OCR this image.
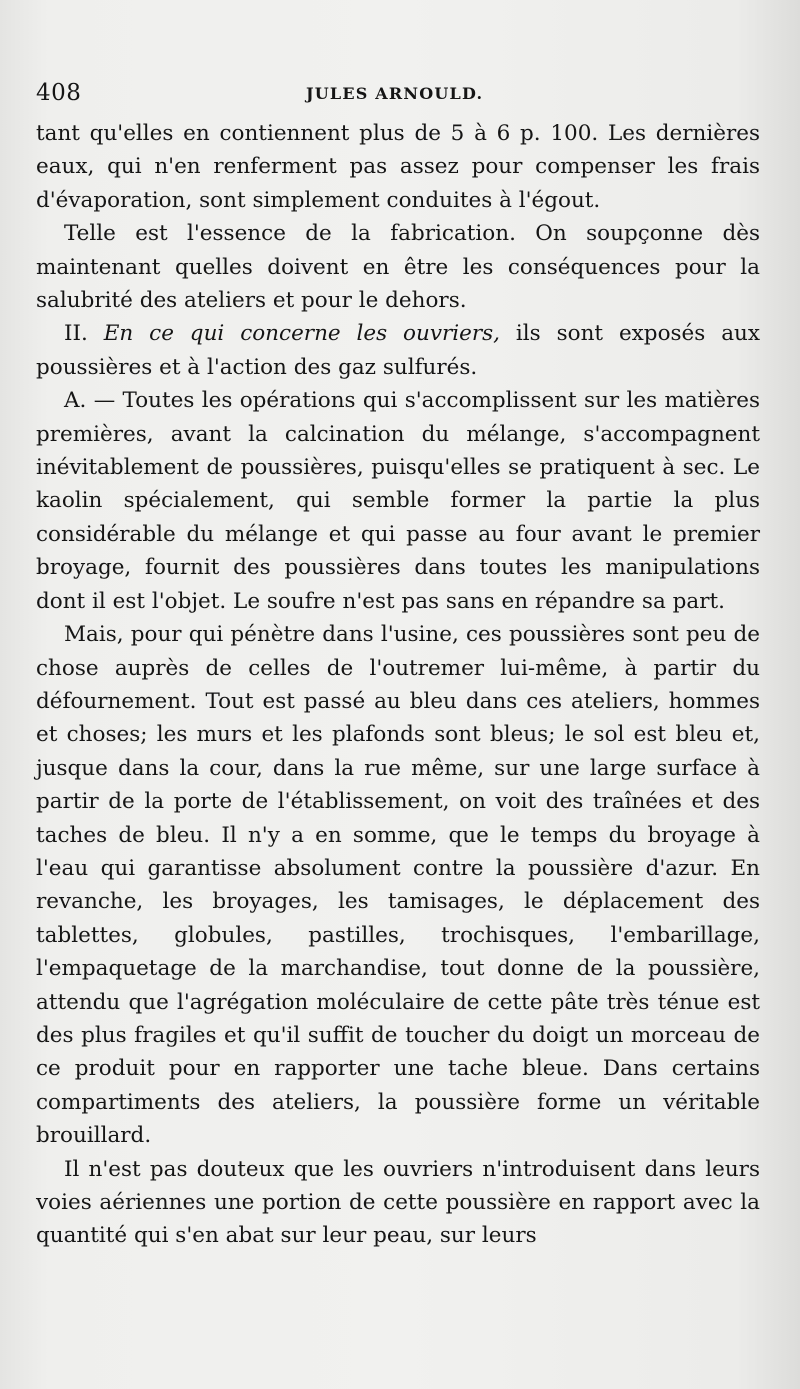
408	JULES ARNOULD.

tant qu'elles en contiennent plus de 5 à 6 p. 100. Les dernières eaux, qui n'en renferment pas assez pour compenser les frais d'évaporation, sont simplement conduites à l'égout.

Telle est l'essence de la fabrication. On soupçonne dès maintenant quelles doivent en être les conséquences pour la salubrité des ateliers et pour le dehors.

II. En ce qui concerne les ouvriers, ils sont exposés aux poussières et à l'action des gaz sulfurés.

A. — Toutes les opérations qui s'accomplissent sur les matières premières, avant la calcination du mélange, s'accompagnent inévitablement de poussières, puisqu'elles se pratiquent à sec. Le kaolin spécialement, qui semble former la partie la plus considérable du mélange et qui passe au four avant le premier broyage, fournit des poussières dans toutes les manipulations dont il est l'objet. Le soufre n'est pas sans en répandre sa part.

Mais, pour qui pénètre dans l'usine, ces poussières sont peu de chose auprès de celles de l'outremer lui-même, à partir du défournement. Tout est passé au bleu dans ces ateliers, hommes et choses; les murs et les plafonds sont bleus; le sol est bleu et, jusque dans la cour, dans la rue même, sur une large surface à partir de la porte de l'établissement, on voit des traînées et des taches de bleu. Il n'y a en somme, que le temps du broyage à l'eau qui garantisse absolument contre la poussière d'azur. En revanche, les broyages, les tamisages, le déplacement des tablettes, globules, pastilles, trochisques, l'embarillage, l'empaquetage de la marchandise, tout donne de la poussière, attendu que l'agrégation moléculaire de cette pâte très ténue est des plus fragiles et qu'il suffit de toucher du doigt un morceau de ce produit pour en rapporter une tache bleue. Dans certains compartiments des ateliers, la poussière forme un véritable brouillard.

Il n'est pas douteux que les ouvriers n'introduisent dans leurs voies aériennes une portion de cette poussière en rapport avec la quantité qui s'en abat sur leur peau, sur leurs
